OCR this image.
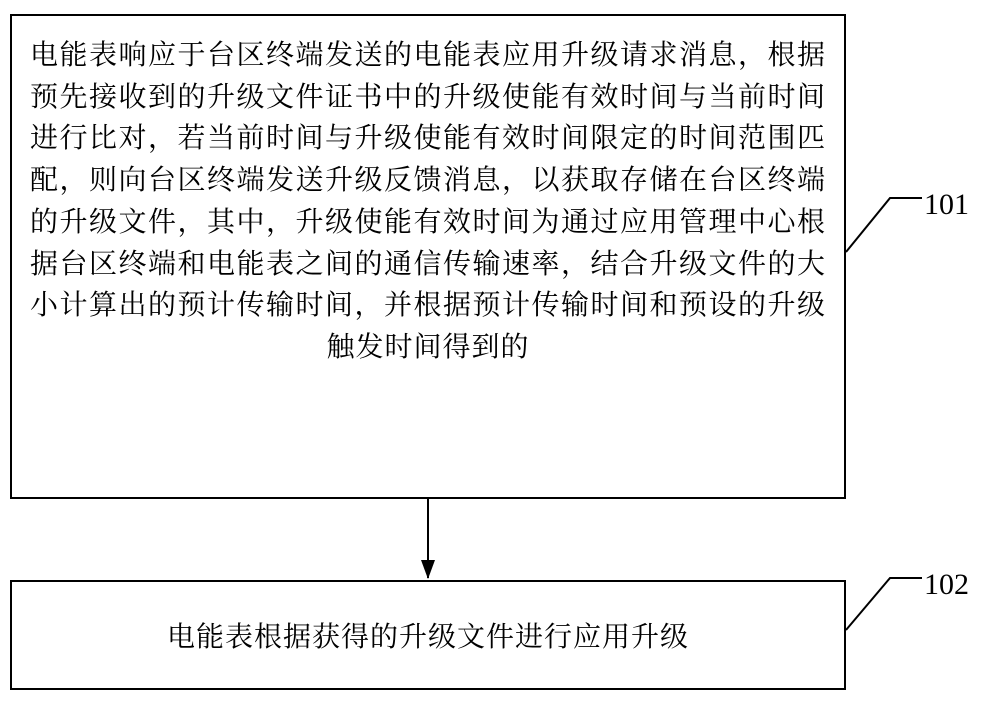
电能表响应于台区终端发送的电能表应用升级请求消息，根据预先接收到的升级文件证书中的升级使能有效时间与当前时间进行比对，若当前时间与升级使能有效时间限定的时间范围匹配，则向台区终端发送升级反馈消息，以获取存储在台区终端的升级文件，其中，升级使能有效时间为通过应用管理中心根据台区终端和电能表之间的通信传输速率，结合升级文件的大小计算出的预计传输时间，并根据预计传输时间和预设的升级触发时间得到的

电能表根据获得的升级文件进行应用升级
101
102
